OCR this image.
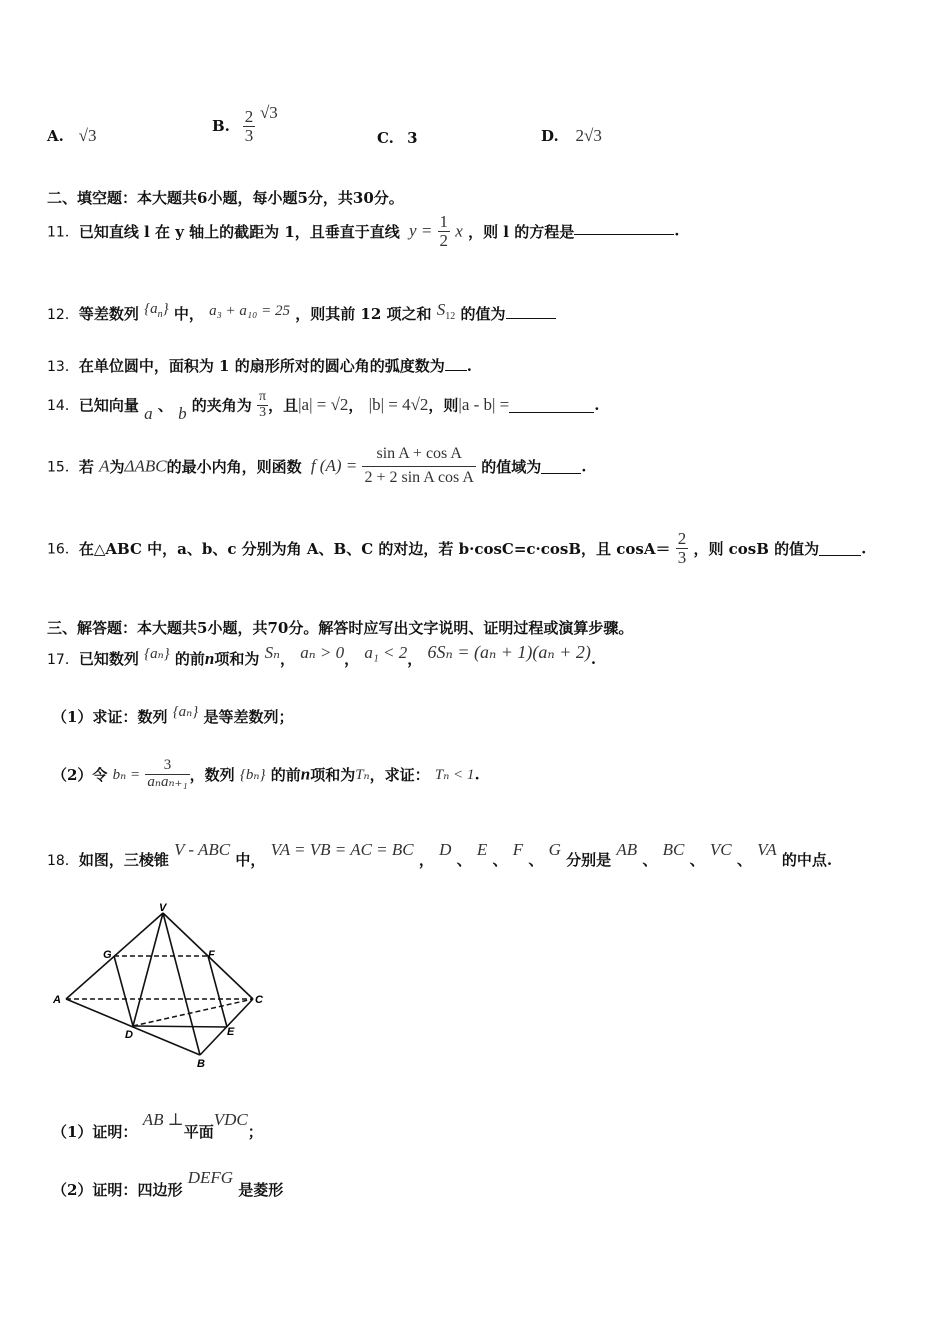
A. √3	B. $\frac{2}{3} √3$
C. 3	D. 2√3
二、填空题：本大题共6小题，每小题5分，共30分。
11．已知直线 l 在 y 轴上的截距为 1，且垂直于直线 $y = \frac{1}{2}$ x ，则 l 的方程是	.
12．等差数列 $\{a_n\}$ 中， a₃ + a₁₀ = 25 ，则其前 12 项之和 $S_{12}$ 的值为
13．在单位圆中，面积为 1 的扇形所对的圆心角的弧度数为 .
14．已知向量 a 、 b 的夹角为 $\frac{\pi}{3}$ ，且|a| = √2， |b| = 4√2，则|a - b| =	.
15．若 A为ΔABC的最小内角，则函数 f $(A) = \frac{\text{sin A + cos A}}{\text{2 + 2 sin A cos A}}$ 的值域为	.
16．在△ABC 中，a、b、c 分别为角 A、B、C 的对边，若 b·cosC=c·cosB，且 $\cos A= \frac{2}{3}$ ，则 cosB 的值为	.
三、解答题：本大题共5小题，共70分。解答时应写出文字说明、证明过程或演算步骤。
17．已知数列 {aₙ} 的前n项和为 Sₙ， aₙ > 0， a₁ < 2， 6Sₙ = (aₙ + 1)(aₙ + 2).
（1）求证：数列 {aₙ} 是等差数列；
（2）令 $b_n = \frac{3}{\text{aₙaₙ₊₁}}$ ，数列 {bₙ} 的前n项和为Tₙ，求证： Tₙ < 1.
18．如图，三棱锥 V - ABC 中， VA = VB = AC = BC ， D 、 E 、 F 、 G 分别是 AB 、 BC 、 VC 、 VA 的中点.
V
G	F
A	C
D	E
B
（1）证明： AB ⊥平面VDC；
（2）证明：四边形 DEFG 是菱形
